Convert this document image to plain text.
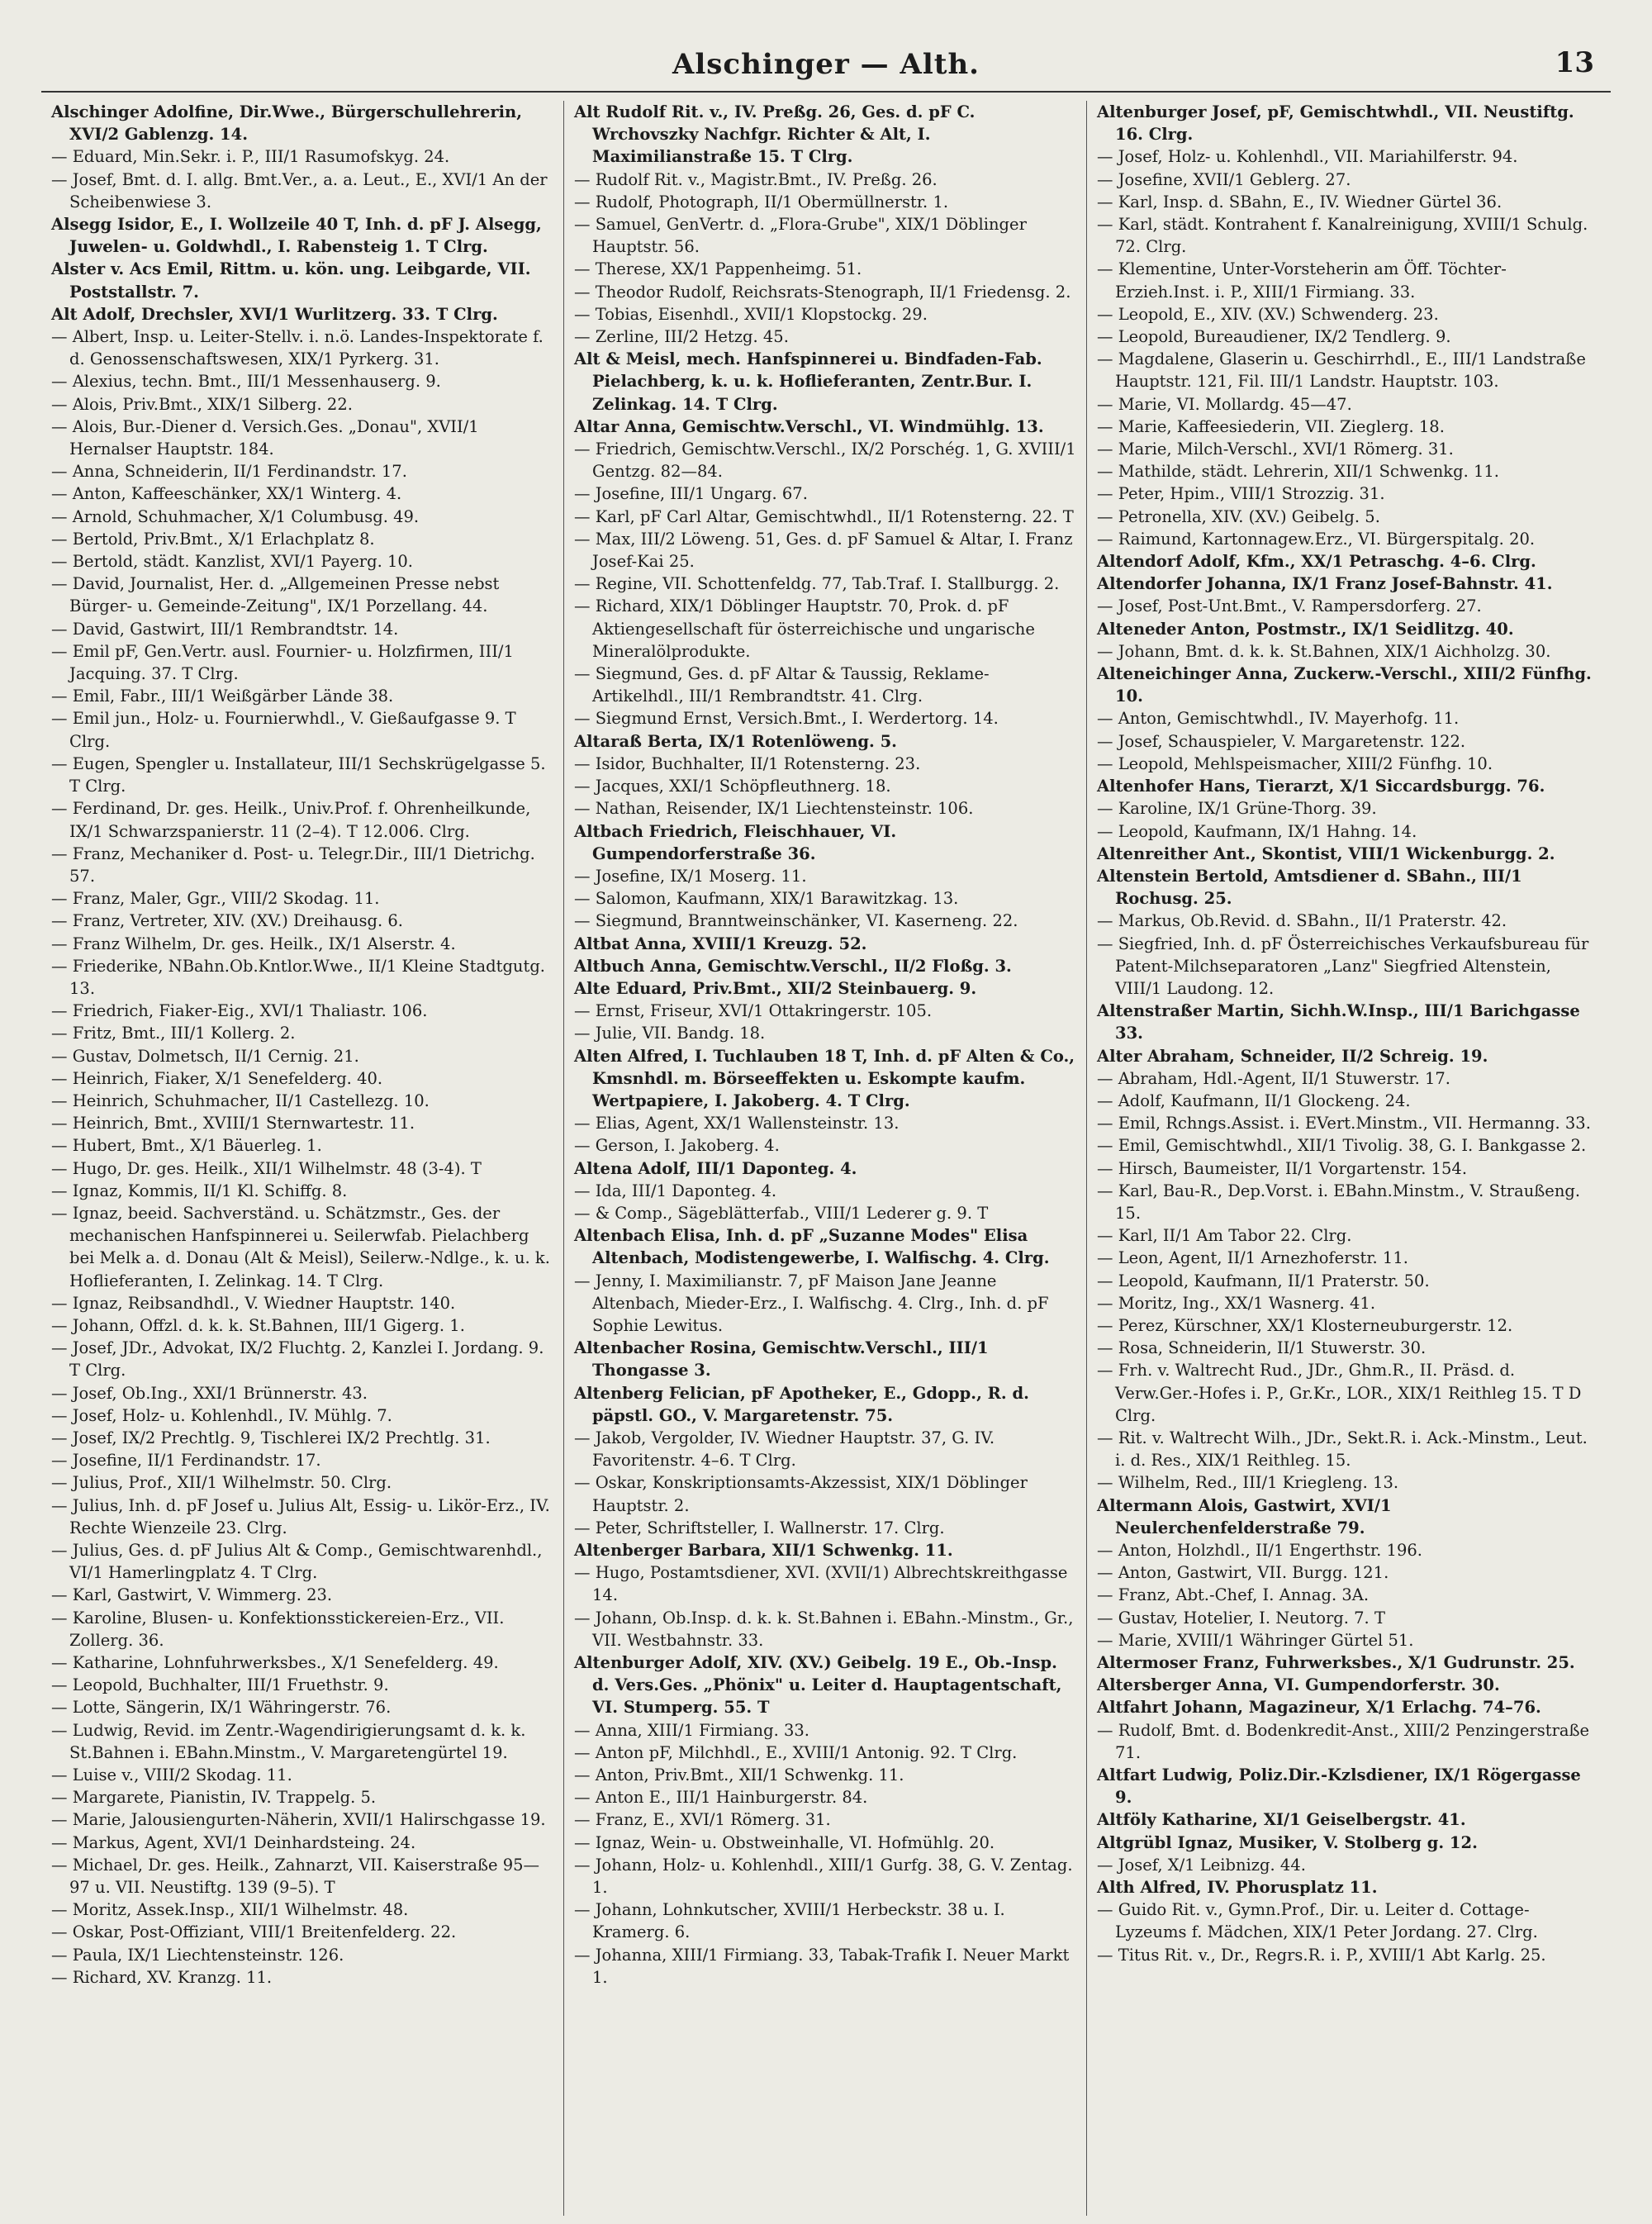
Alschinger — Alth.	13

Alschinger Adolfine, Dir.Wwe., Bürgerschullehrerin, XVI/2 Gablenzg. 14.

— Eduard, Min.Sekr. i. P., III/1 Rasumofskyg. 24.

— Josef, Bmt. d. I. allg. Bmt.Ver., a. a. Leut., E., XVI/1 An der Scheibenwiese 3.

Alsegg Isidor, E., I. Wollzeile 40 T, Inh. d. pF J. Alsegg, Juwelen- u. Goldwhdl., I. Rabensteig 1. T Clrg.

Alster v. Acs Emil, Rittm. u. kön. ung. Leibgarde, VII. Poststallstr. 7.

Alt Adolf, Drechsler, XVI/1 Wurlitzerg. 33. T Clrg.

— Albert, Insp. u. Leiter-Stellv. i. n.ö. Landes-Inspektorate f. d. Genossenschaftswesen, XIX/1 Pyrkerg. 31.

— Alexius, techn. Bmt., III/1 Messenhauserg. 9.

— Alois, Priv.Bmt., XIX/1 Silberg. 22.

— Alois, Bur.-Diener d. Versich.Ges. „Donau", XVII/1 Hernalser Hauptstr. 184.

— Anna, Schneiderin, II/1 Ferdinandstr. 17.

— Anton, Kaffeeschänker, XX/1 Winterg. 4.

— Arnold, Schuhmacher, X/1 Columbusg. 49.

— Bertold, Priv.Bmt., X/1 Erlachplatz 8.

— Bertold, städt. Kanzlist, XVI/1 Payerg. 10.

— David, Journalist, Her. d. „Allgemeinen Presse nebst Bürger- u. Gemeinde-Zeitung", IX/1 Porzellang. 44.

— David, Gastwirt, III/1 Rembrandtstr. 14.

— Emil pF, Gen.Vertr. ausl. Fournier- u. Holzfirmen, III/1 Jacquing. 37. T Clrg.

— Emil, Fabr., III/1 Weißgärber Lände 38.

— Emil jun., Holz- u. Fournierwhdl., V. Gießaufgasse 9. T Clrg.

— Eugen, Spengler u. Installateur, III/1 Sechskrügelgasse 5. T Clrg.

— Ferdinand, Dr. ges. Heilk., Univ.Prof. f. Ohrenheilkunde, IX/1 Schwarzspanierstr. 11 (2–4). T 12.006. Clrg.

— Franz, Mechaniker d. Post- u. Telegr.Dir., III/1 Dietrichg. 57.

— Franz, Maler, Ggr., VIII/2 Skodag. 11.

— Franz, Vertreter, XIV. (XV.) Dreihausg. 6.

— Franz Wilhelm, Dr. ges. Heilk., IX/1 Alserstr. 4.

— Friederike, NBahn.Ob.Kntlor.Wwe., II/1 Kleine Stadtgutg. 13.

— Friedrich, Fiaker-Eig., XVI/1 Thaliastr. 106.

— Fritz, Bmt., III/1 Kollerg. 2.

— Gustav, Dolmetsch, II/1 Cernig. 21.

— Heinrich, Fiaker, X/1 Senefelderg. 40.

— Heinrich, Schuhmacher, II/1 Castellezg. 10.

— Heinrich, Bmt., XVIII/1 Sternwartestr. 11.

— Hubert, Bmt., X/1 Bäuerleg. 1.

— Hugo, Dr. ges. Heilk., XII/1 Wilhelmstr. 48 (3-4). T

— Ignaz, Kommis, II/1 Kl. Schiffg. 8.

— Ignaz, beeid. Sachverständ. u. Schätzmstr., Ges. der mechanischen Hanfspinnerei u. Seilerwfab. Pielachberg bei Melk a. d. Donau (Alt & Meisl), Seilerw.-Ndlge., k. u. k. Hoflieferanten, I. Zelinkag. 14. T Clrg.

— Ignaz, Reibsandhdl., V. Wiedner Hauptstr. 140.

— Johann, Offzl. d. k. k. St.Bahnen, III/1 Gigerg. 1.

— Josef, JDr., Advokat, IX/2 Fluchtg. 2, Kanzlei I. Jordang. 9. T Clrg.

— Josef, Ob.Ing., XXI/1 Brünnerstr. 43.

— Josef, Holz- u. Kohlenhdl., IV. Mühlg. 7.

— Josef, IX/2 Prechtlg. 9, Tischlerei IX/2 Prechtlg. 31.

— Josefine, II/1 Ferdinandstr. 17.

— Julius, Prof., XII/1 Wilhelmstr. 50. Clrg.

— Julius, Inh. d. pF Josef u. Julius Alt, Essig- u. Likör-Erz., IV. Rechte Wienzeile 23. Clrg.

— Julius, Ges. d. pF Julius Alt & Comp., Gemischtwarenhdl., VI/1 Hamerlingplatz 4. T Clrg.

— Karl, Gastwirt, V. Wimmerg. 23.

— Karoline, Blusen- u. Konfektionsstickereien-Erz., VII. Zollerg. 36.

— Katharine, Lohnfuhrwerksbes., X/1 Senefelderg. 49.

— Leopold, Buchhalter, III/1 Fruethstr. 9.

— Lotte, Sängerin, IX/1 Währingerstr. 76.

— Ludwig, Revid. im Zentr.-Wagendirigierungsamt d. k. k. St.Bahnen i. EBahn.Minstm., V. Margaretengürtel 19.

— Luise v., VIII/2 Skodag. 11.

— Margarete, Pianistin, IV. Trappelg. 5.

— Marie, Jalousiengurten-Näherin, XVII/1 Halirschgasse 19.

— Markus, Agent, XVI/1 Deinhardsteing. 24.

— Michael, Dr. ges. Heilk., Zahnarzt, VII. Kaiserstraße 95—97 u. VII. Neustiftg. 139 (9–5). T

— Moritz, Assek.Insp., XII/1 Wilhelmstr. 48.

— Oskar, Post-Offiziant, VIII/1 Breitenfelderg. 22.

— Paula, IX/1 Liechtensteinstr. 126.

— Richard, XV. Kranzg. 11.

Alt Rudolf Rit. v., IV. Preßg. 26, Ges. d. pF C. Wrchovszky Nachfgr. Richter & Alt, I. Maximilianstraße 15. T Clrg.

— Rudolf Rit. v., Magistr.Bmt., IV. Preßg. 26.

— Rudolf, Photograph, II/1 Obermüllnerstr. 1.

— Samuel, GenVertr. d. „Flora-Grube", XIX/1 Döblinger Hauptstr. 56.

— Therese, XX/1 Pappenheimg. 51.

— Theodor Rudolf, Reichsrats-Stenograph, II/1 Friedensg. 2.

— Tobias, Eisenhdl., XVII/1 Klopstockg. 29.

— Zerline, III/2 Hetzg. 45.

Alt & Meisl, mech. Hanfspinnerei u. Bindfaden-Fab. Pielachberg, k. u. k. Hoflieferanten, Zentr.Bur. I. Zelinkag. 14. T Clrg.

Altar Anna, Gemischtw.Verschl., VI. Windmühlg. 13.

— Friedrich, Gemischtw.Verschl., IX/2 Porschég. 1, G. XVIII/1 Gentzg. 82—84.

— Josefine, III/1 Ungarg. 67.

— Karl, pF Carl Altar, Gemischtwhdl., II/1 Rotensterng. 22. T

— Max, III/2 Löweng. 51, Ges. d. pF Samuel & Altar, I. Franz Josef-Kai 25.

— Regine, VII. Schottenfeldg. 77, Tab.Traf. I. Stallburgg. 2.

— Richard, XIX/1 Döblinger Hauptstr. 70, Prok. d. pF Aktiengesellschaft für österreichische und ungarische Mineralölprodukte.

— Siegmund, Ges. d. pF Altar & Taussig, Reklame-Artikelhdl., III/1 Rembrandtstr. 41. Clrg.

— Siegmund Ernst, Versich.Bmt., I. Werdertorg. 14.

Altaraß Berta, IX/1 Rotenlöweng. 5.

— Isidor, Buchhalter, II/1 Rotensterng. 23.

— Jacques, XXI/1 Schöpfleuthnerg. 18.

— Nathan, Reisender, IX/1 Liechtensteinstr. 106.

Altbach Friedrich, Fleischhauer, VI. Gumpendorferstraße 36.

— Josefine, IX/1 Moserg. 11.

— Salomon, Kaufmann, XIX/1 Barawitzkag. 13.

— Siegmund, Branntweinschänker, VI. Kaserneng. 22.

Altbat Anna, XVIII/1 Kreuzg. 52.

Altbuch Anna, Gemischtw.Verschl., II/2 Floßg. 3.

Alte Eduard, Priv.Bmt., XII/2 Steinbauerg. 9.

— Ernst, Friseur, XVI/1 Ottakringerstr. 105.

— Julie, VII. Bandg. 18.

Alten Alfred, I. Tuchlauben 18 T, Inh. d. pF Alten & Co., Kmsnhdl. m. Börseeffekten u. Eskompte kaufm. Wertpapiere, I. Jakoberg. 4. T Clrg.

— Elias, Agent, XX/1 Wallensteinstr. 13.

— Gerson, I. Jakoberg. 4.

Altena Adolf, III/1 Daponteg. 4.

— Ida, III/1 Daponteg. 4.

— & Comp., Sägeblätterfab., VIII/1 Lederer g. 9. T

Altenbach Elisa, Inh. d. pF „Suzanne Modes" Elisa Altenbach, Modistengewerbe, I. Walfischg. 4. Clrg.

— Jenny, I. Maximilianstr. 7, pF Maison Jane Jeanne Altenbach, Mieder-Erz., I. Walfischg. 4. Clrg., Inh. d. pF Sophie Lewitus.

Altenbacher Rosina, Gemischtw.Verschl., III/1 Thongasse 3.

Altenberg Felician, pF Apotheker, E., Gdopp., R. d. päpstl. GO., V. Margaretenstr. 75.

— Jakob, Vergolder, IV. Wiedner Hauptstr. 37, G. IV. Favoritenstr. 4–6. T Clrg.

— Oskar, Konskriptionsamts-Akzessist, XIX/1 Döblinger Hauptstr. 2.

— Peter, Schriftsteller, I. Wallnerstr. 17. Clrg.

Altenberger Barbara, XII/1 Schwenkg. 11.

— Hugo, Postamtsdiener, XVI. (XVII/1) Albrechtskreithgasse 14.

— Johann, Ob.Insp. d. k. k. St.Bahnen i. EBahn.-Minstm., Gr., VII. Westbahnstr. 33.

Altenburger Adolf, XIV. (XV.) Geibelg. 19 E., Ob.-Insp. d. Vers.Ges. „Phönix" u. Leiter d. Hauptagentschaft, VI. Stumperg. 55. T

— Anna, XIII/1 Firmiang. 33.

— Anton pF, Milchhdl., E., XVIII/1 Antonig. 92. T Clrg.

— Anton, Priv.Bmt., XII/1 Schwenkg. 11.

— Anton E., III/1 Hainburgerstr. 84.

— Franz, E., XVI/1 Römerg. 31.

— Ignaz, Wein- u. Obstweinhalle, VI. Hofmühlg. 20.

— Johann, Holz- u. Kohlenhdl., XIII/1 Gurfg. 38, G. V. Zentag. 1.

— Johann, Lohnkutscher, XVIII/1 Herbeckstr. 38 u. I. Kramerg. 6.

— Johanna, XIII/1 Firmiang. 33, Tabak-Trafik I. Neuer Markt 1.

Altenburger Josef, pF, Gemischtwhdl., VII. Neustiftg. 16. Clrg.

— Josef, Holz- u. Kohlenhdl., VII. Mariahilferstr. 94.

— Josefine, XVII/1 Geblerg. 27.

— Karl, Insp. d. SBahn, E., IV. Wiedner Gürtel 36.

— Karl, städt. Kontrahent f. Kanalreinigung, XVIII/1 Schulg. 72. Clrg.

— Klementine, Unter-Vorsteherin am Öff. Töchter-Erzieh.Inst. i. P., XIII/1 Firmiang. 33.

— Leopold, E., XIV. (XV.) Schwenderg. 23.

— Leopold, Bureaudiener, IX/2 Tendlerg. 9.

— Magdalene, Glaserin u. Geschirrhdl., E., III/1 Landstraße Hauptstr. 121, Fil. III/1 Landstr. Hauptstr. 103.

— Marie, VI. Mollardg. 45—47.

— Marie, Kaffeesiederin, VII. Zieglerg. 18.

— Marie, Milch-Verschl., XVI/1 Römerg. 31.

— Mathilde, städt. Lehrerin, XII/1 Schwenkg. 11.

— Peter, Hpim., VIII/1 Strozzig. 31.

— Petronella, XIV. (XV.) Geibelg. 5.

— Raimund, Kartonnagew.Erz., VI. Bürgerspitalg. 20.

Altendorf Adolf, Kfm., XX/1 Petraschg. 4–6. Clrg.

Altendorfer Johanna, IX/1 Franz Josef-Bahnstr. 41.

— Josef, Post-Unt.Bmt., V. Rampersdorferg. 27.

Alteneder Anton, Postmstr., IX/1 Seidlitzg. 40.

— Johann, Bmt. d. k. k. St.Bahnen, XIX/1 Aichholzg. 30.

Alteneichinger Anna, Zuckerw.-Verschl., XIII/2 Fünfhg. 10.

— Anton, Gemischtwhdl., IV. Mayerhofg. 11.

— Josef, Schauspieler, V. Margaretenstr. 122.

— Leopold, Mehlspeismacher, XIII/2 Fünfhg. 10.

Altenhofer Hans, Tierarzt, X/1 Siccardsburgg. 76.

— Karoline, IX/1 Grüne-Thorg. 39.

— Leopold, Kaufmann, IX/1 Hahng. 14.

Altenreither Ant., Skontist, VIII/1 Wickenburgg. 2.

Altenstein Bertold, Amtsdiener d. SBahn., III/1 Rochusg. 25.

— Markus, Ob.Revid. d. SBahn., II/1 Praterstr. 42.

— Siegfried, Inh. d. pF Österreichisches Verkaufsbureau für Patent-Milchseparatoren „Lanz" Siegfried Altenstein, VIII/1 Laudong. 12.

Altenstraßer Martin, Sichh.W.Insp., III/1 Barichgasse 33.

Alter Abraham, Schneider, II/2 Schreig. 19.

— Abraham, Hdl.-Agent, II/1 Stuwerstr. 17.

— Adolf, Kaufmann, II/1 Glockeng. 24.

— Emil, Rchngs.Assist. i. EVert.Minstm., VII. Hermanng. 33.

— Emil, Gemischtwhdl., XII/1 Tivolig. 38, G. I. Bankgasse 2.

— Hirsch, Baumeister, II/1 Vorgartenstr. 154.

— Karl, Bau-R., Dep.Vorst. i. EBahn.Minstm., V. Straußeng. 15.

— Karl, II/1 Am Tabor 22. Clrg.

— Leon, Agent, II/1 Arnezhoferstr. 11.

— Leopold, Kaufmann, II/1 Praterstr. 50.

— Moritz, Ing., XX/1 Wasnerg. 41.

— Perez, Kürschner, XX/1 Klosterneuburgerstr. 12.

— Rosa, Schneiderin, II/1 Stuwerstr. 30.

— Frh. v. Waltrecht Rud., JDr., Ghm.R., II. Präsd. d. Verw.Ger.-Hofes i. P., Gr.Kr., LOR., XIX/1 Reithleg 15. T D Clrg.

— Rit. v. Waltrecht Wilh., JDr., Sekt.R. i. Ack.-Minstm., Leut. i. d. Res., XIX/1 Reithleg. 15.

— Wilhelm, Red., III/1 Kriegleng. 13.

Altermann Alois, Gastwirt, XVI/1 Neulerchenfelderstraße 79.

— Anton, Holzhdl., II/1 Engerthstr. 196.

— Anton, Gastwirt, VII. Burgg. 121.

— Franz, Abt.-Chef, I. Annag. 3A.

— Gustav, Hotelier, I. Neutorg. 7. T

— Marie, XVIII/1 Währinger Gürtel 51.

Altermoser Franz, Fuhrwerksbes., X/1 Gudrunstr. 25.

Altersberger Anna, VI. Gumpendorferstr. 30.

Altfahrt Johann, Magazineur, X/1 Erlachg. 74–76.

— Rudolf, Bmt. d. Bodenkredit-Anst., XIII/2 Penzingerstraße 71.

Altfart Ludwig, Poliz.Dir.-Kzlsdiener, IX/1 Rögergasse 9.

Altföly Katharine, XI/1 Geiselbergstr. 41.

Altgrübl Ignaz, Musiker, V. Stolberg g. 12.

— Josef, X/1 Leibnizg. 44.

Alth Alfred, IV. Phorusplatz 11.

— Guido Rit. v., Gymn.Prof., Dir. u. Leiter d. Cottage-Lyzeums f. Mädchen, XIX/1 Peter Jordang. 27. Clrg.

— Titus Rit. v., Dr., Regrs.R. i. P., XVIII/1 Abt Karlg. 25.
